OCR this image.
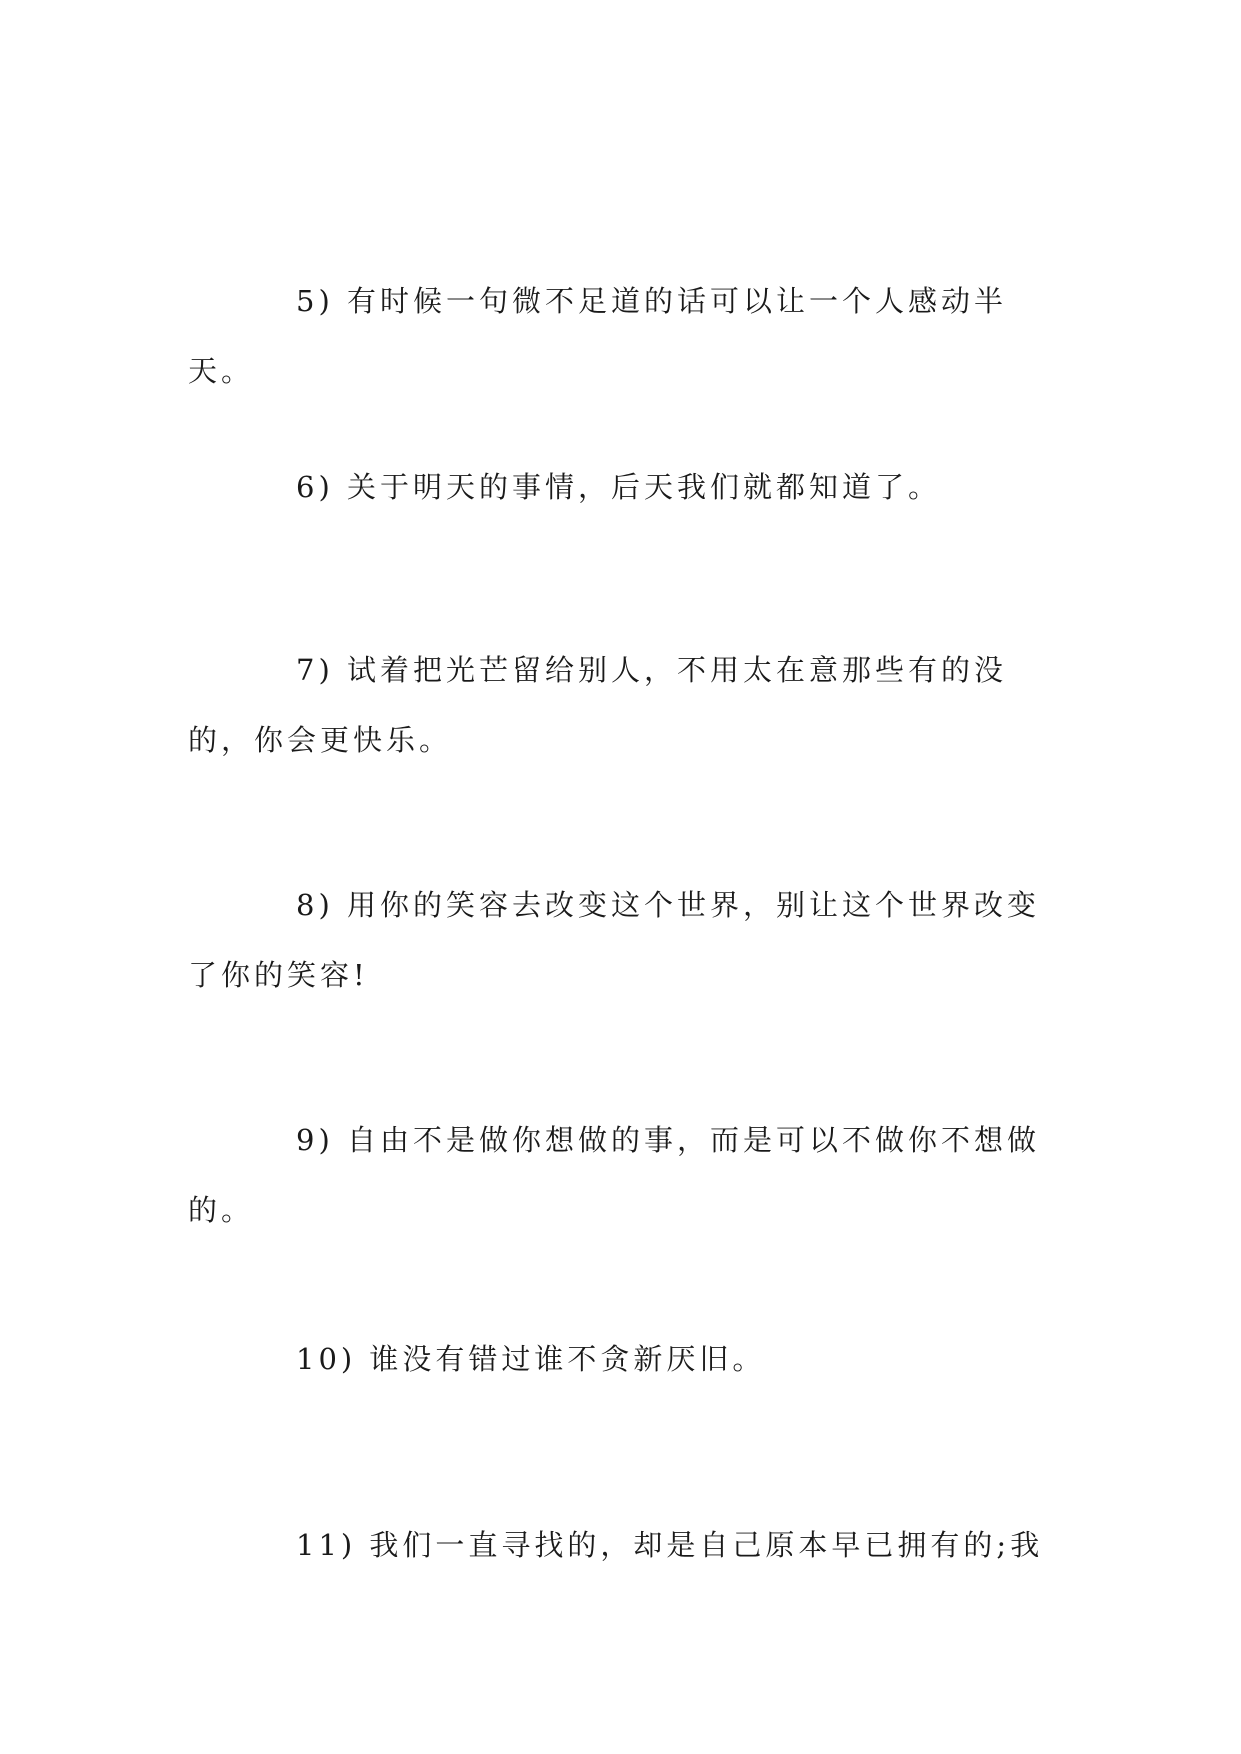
5) 有时候一句微不足道的话可以让一个人感动半天。

6) 关于明天的事情，后天我们就都知道了。

7) 试着把光芒留给别人，不用太在意那些有的没的，你会更快乐。

8) 用你的笑容去改变这个世界，别让这个世界改变了你的笑容!

9) 自由不是做你想做的事，而是可以不做你不想做的。

10) 谁没有错过谁不贪新厌旧。

11) 我们一直寻找的，却是自己原本早已拥有的;我
